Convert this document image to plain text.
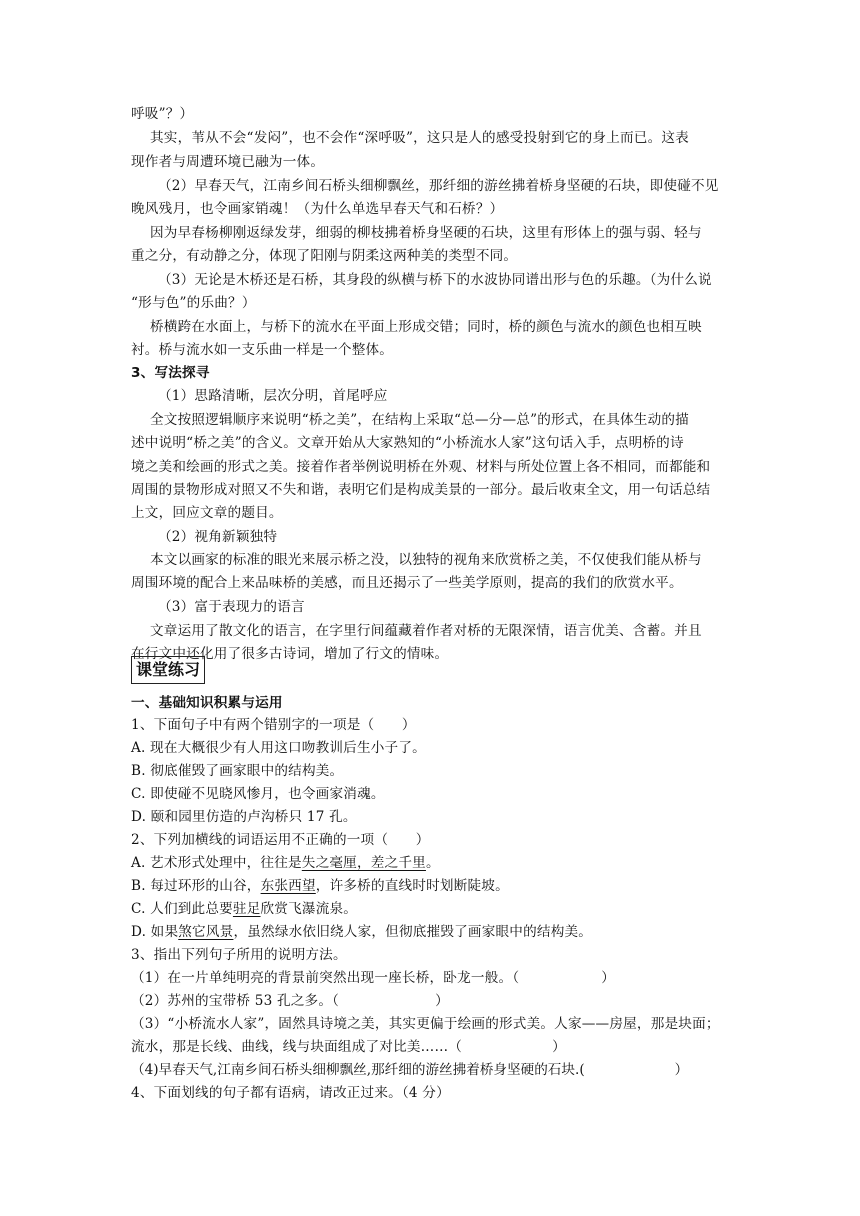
呼吸”？）
其实，苇从不会“发闷”，也不会作“深呼吸”，这只是人的感受投射到它的身上而已。这表
现作者与周遭环境已融为一体。
（2）早春天气，江南乡间石桥头细柳飘丝，那纤细的游丝拂着桥身坚硬的石块，即使碰不见
晚风残月，也令画家销魂！（为什么单选早春天气和石桥？）
因为早春杨柳刚返绿发芽，细弱的柳枝拂着桥身坚硬的石块，这里有形体上的强与弱、轻与
重之分，有动静之分，体现了阳刚与阴柔这两种美的类型不同。
（3）无论是木桥还是石桥，其身段的纵横与桥下的水波协同谱出形与色的乐趣。（为什么说
“形与色”的乐曲？）
桥横跨在水面上，与桥下的流水在平面上形成交错；同时，桥的颜色与流水的颜色也相互映
衬。桥与流水如一支乐曲一样是一个整体。
3、写法探寻
（1）思路清晰，层次分明，首尾呼应
全文按照逻辑顺序来说明“桥之美”，在结构上采取“总—分—总”的形式，在具体生动的描
述中说明“桥之美”的含义。文章开始从大家熟知的“小桥流水人家”这句话入手，点明桥的诗
境之美和绘画的形式之美。接着作者举例说明桥在外观、材料与所处位置上各不相同，而都能和
周围的景物形成对照又不失和谐，表明它们是构成美景的一部分。最后收束全文，用一句话总结
上文，回应文章的题目。
（2）视角新颖独特
本文以画家的标准的眼光来展示桥之没，以独特的视角来欣赏桥之美，不仅使我们能从桥与
周围环境的配合上来品味桥的美感，而且还揭示了一些美学原则，提高的我们的欣赏水平。
（3）富于表现力的语言
文章运用了散文化的语言，在字里行间蕴藏着作者对桥的无限深情，语言优美、含蓄。并且
在行文中还化用了很多古诗词，增加了行文的情味。
课堂练习
一、基础知识积累与运用
1、下面句子中有两个错别字的一项是（　　）
A. 现在大概很少有人用这口吻教训后生小子了。
B. 彻底催毁了画家眼中的结构美。
C. 即使碰不见晓风惨月，也令画家消魂。
D. 颐和园里仿造的卢沟桥只 17 孔。
2、下列加横线的词语运用不正确的一项（　　）
A. 艺术形式处理中，往往是失之毫厘，差之千里。
B. 每过环形的山谷，东张西望，许多桥的直线时时划断陡坡。
C. 人们到此总要驻足欣赏飞瀑流泉。
D. 如果煞它风景，虽然绿水依旧绕人家，但彻底摧毁了画家眼中的结构美。
3、指出下列句子所用的说明方法。
（1）在一片单纯明亮的背景前突然出现一座长桥，卧龙一般。（	）
（2）苏州的宝带桥 53 孔之多。（	）
（3）“小桥流水人家”，固然具诗境之美，其实更偏于绘画的形式美。人家——房屋，那是块面；
流水，那是长线、曲线，线与块面组成了对比美……（	）
（4)早春天气,江南乡间石桥头细柳飘丝,那纤细的游丝拂着桥身坚硬的石块.(	）
4、下面划线的句子都有语病，请改正过来。（4 分）
